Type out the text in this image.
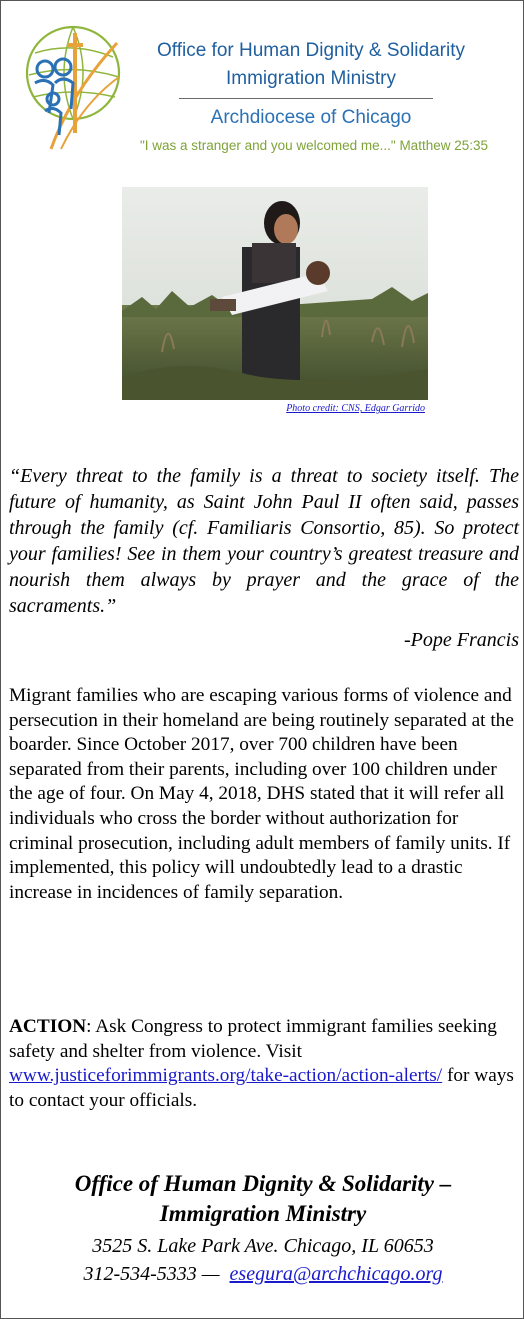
Office for Human Dignity & Solidarity
Immigration Ministry
Archdiocese of Chicago
"I was a stranger and you welcomed me..." Matthew 25:35
Photo credit: CNS, Edgar Garrido
“Every threat to the family is a threat to society itself. The future of humanity, as Saint John Paul II often said, passes through the family (cf. Familiaris Consortio, 85). So protect your families! See in them your country’s greatest treasure and nourish them always by prayer and the grace of the sacraments.”
-Pope Francis
Migrant families who are escaping various forms of violence and persecution in their homeland are being routinely separated at the boarder. Since October 2017, over 700 children have been separated from their parents, including over 100 children under the age of four. On May 4, 2018, DHS stated that it will refer all individuals who cross the border without authorization for criminal prosecution, including adult members of family units. If implemented, this policy will undoubtedly lead to a drastic increase in incidences of family separation.
ACTION: Ask Congress to protect immigrant families seeking safety and shelter from violence. Visit www.justiceforimmigrants.org/take-action/action-alerts/ for ways to contact your officials.
Office of Human Dignity & Solidarity –
Immigration Ministry
3525 S. Lake Park Ave. Chicago, IL 60653
312-534-5333 — esegura@archchicago.org
